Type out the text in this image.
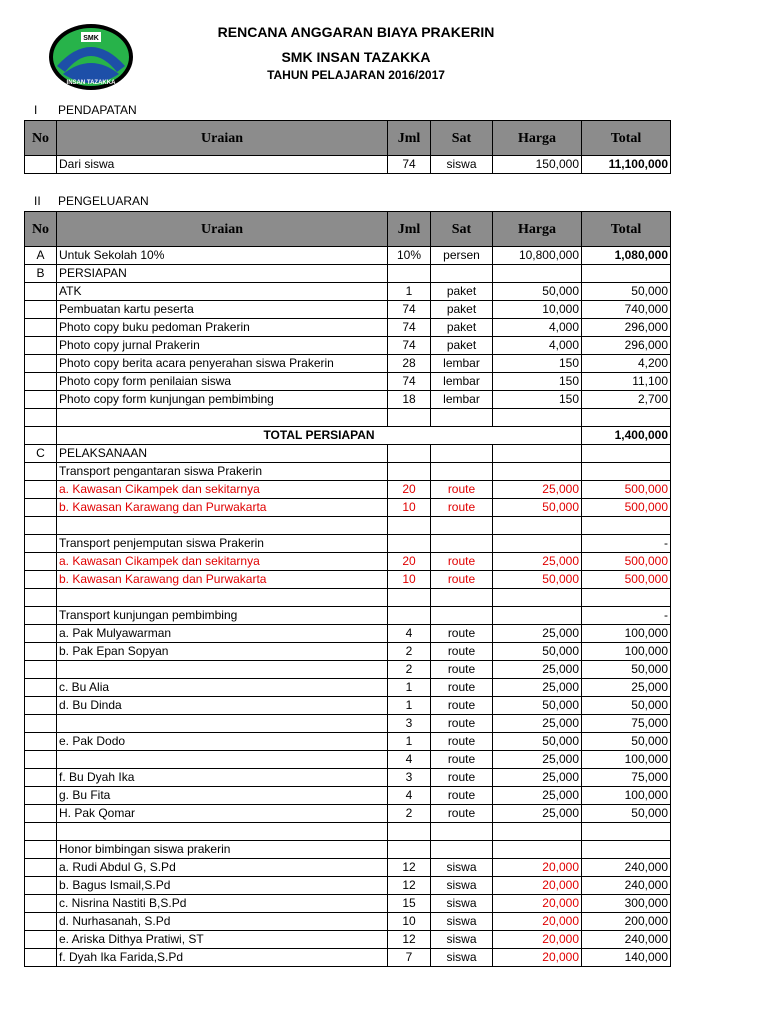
SMK
INSAN TAZAKKA
RENCANA ANGGARAN BIAYA PRAKERIN
SMK INSAN TAZAKKA
TAHUN PELAJARAN 2016/2017
I PENDAPATAN
No	Uraian	Jml	Sat	Harga	Total
	Dari siswa	74	siswa	150,000	11,100,000
II PENGELUARAN
No	Uraian	Jml	Sat	Harga	Total
A	Untuk Sekolah 10%	10%	persen	10,800,000	1,080,000
B	PERSIAPAN				
	ATK	1	paket	50,000	50,000
	Pembuatan kartu peserta	74	paket	10,000	740,000
	Photo copy buku pedoman Prakerin	74	paket	4,000	296,000
	Photo copy jurnal Prakerin	74	paket	4,000	296,000
	Photo copy berita acara penyerahan siswa Prakerin	28	lembar	150	4,200
	Photo copy form penilaian siswa	74	lembar	150	11,100
	Photo copy form kunjungan pembimbing	18	lembar	150	2,700

	TOTAL PERSIAPAN				1,400,000
C	PELAKSANAAN				
	Transport pengantaran siswa Prakerin				
	a. Kawasan Cikampek dan sekitarnya	20	route	25,000	500,000
	b. Kawasan Karawang dan Purwakarta	10	route	50,000	500,000

	Transport penjemputan siswa Prakerin				-
	a. Kawasan Cikampek dan sekitarnya	20	route	25,000	500,000
	b. Kawasan Karawang dan Purwakarta	10	route	50,000	500,000

	Transport kunjungan pembimbing				-
	a. Pak Mulyawarman	4	route	25,000	100,000
	b. Pak Epan Sopyan	2	route	50,000	100,000
		2	route	25,000	50,000
	c. Bu Alia	1	route	25,000	25,000
	d. Bu Dinda	1	route	50,000	50,000
		3	route	25,000	75,000
	e. Pak Dodo	1	route	50,000	50,000
		4	route	25,000	100,000
	f. Bu Dyah Ika	3	route	25,000	75,000
	g. Bu Fita	4	route	25,000	100,000
	H. Pak Qomar	2	route	25,000	50,000

	Honor bimbingan siswa prakerin				
	a. Rudi Abdul G, S.Pd	12	siswa	20,000	240,000
	b. Bagus Ismail,S.Pd	12	siswa	20,000	240,000
	c. Nisrina Nastiti B,S.Pd	15	siswa	20,000	300,000
	d. Nurhasanah, S.Pd	10	siswa	20,000	200,000
	e. Ariska Dithya Pratiwi, ST	12	siswa	20,000	240,000
	f. Dyah Ika Farida,S.Pd	7	siswa	20,000	140,000
